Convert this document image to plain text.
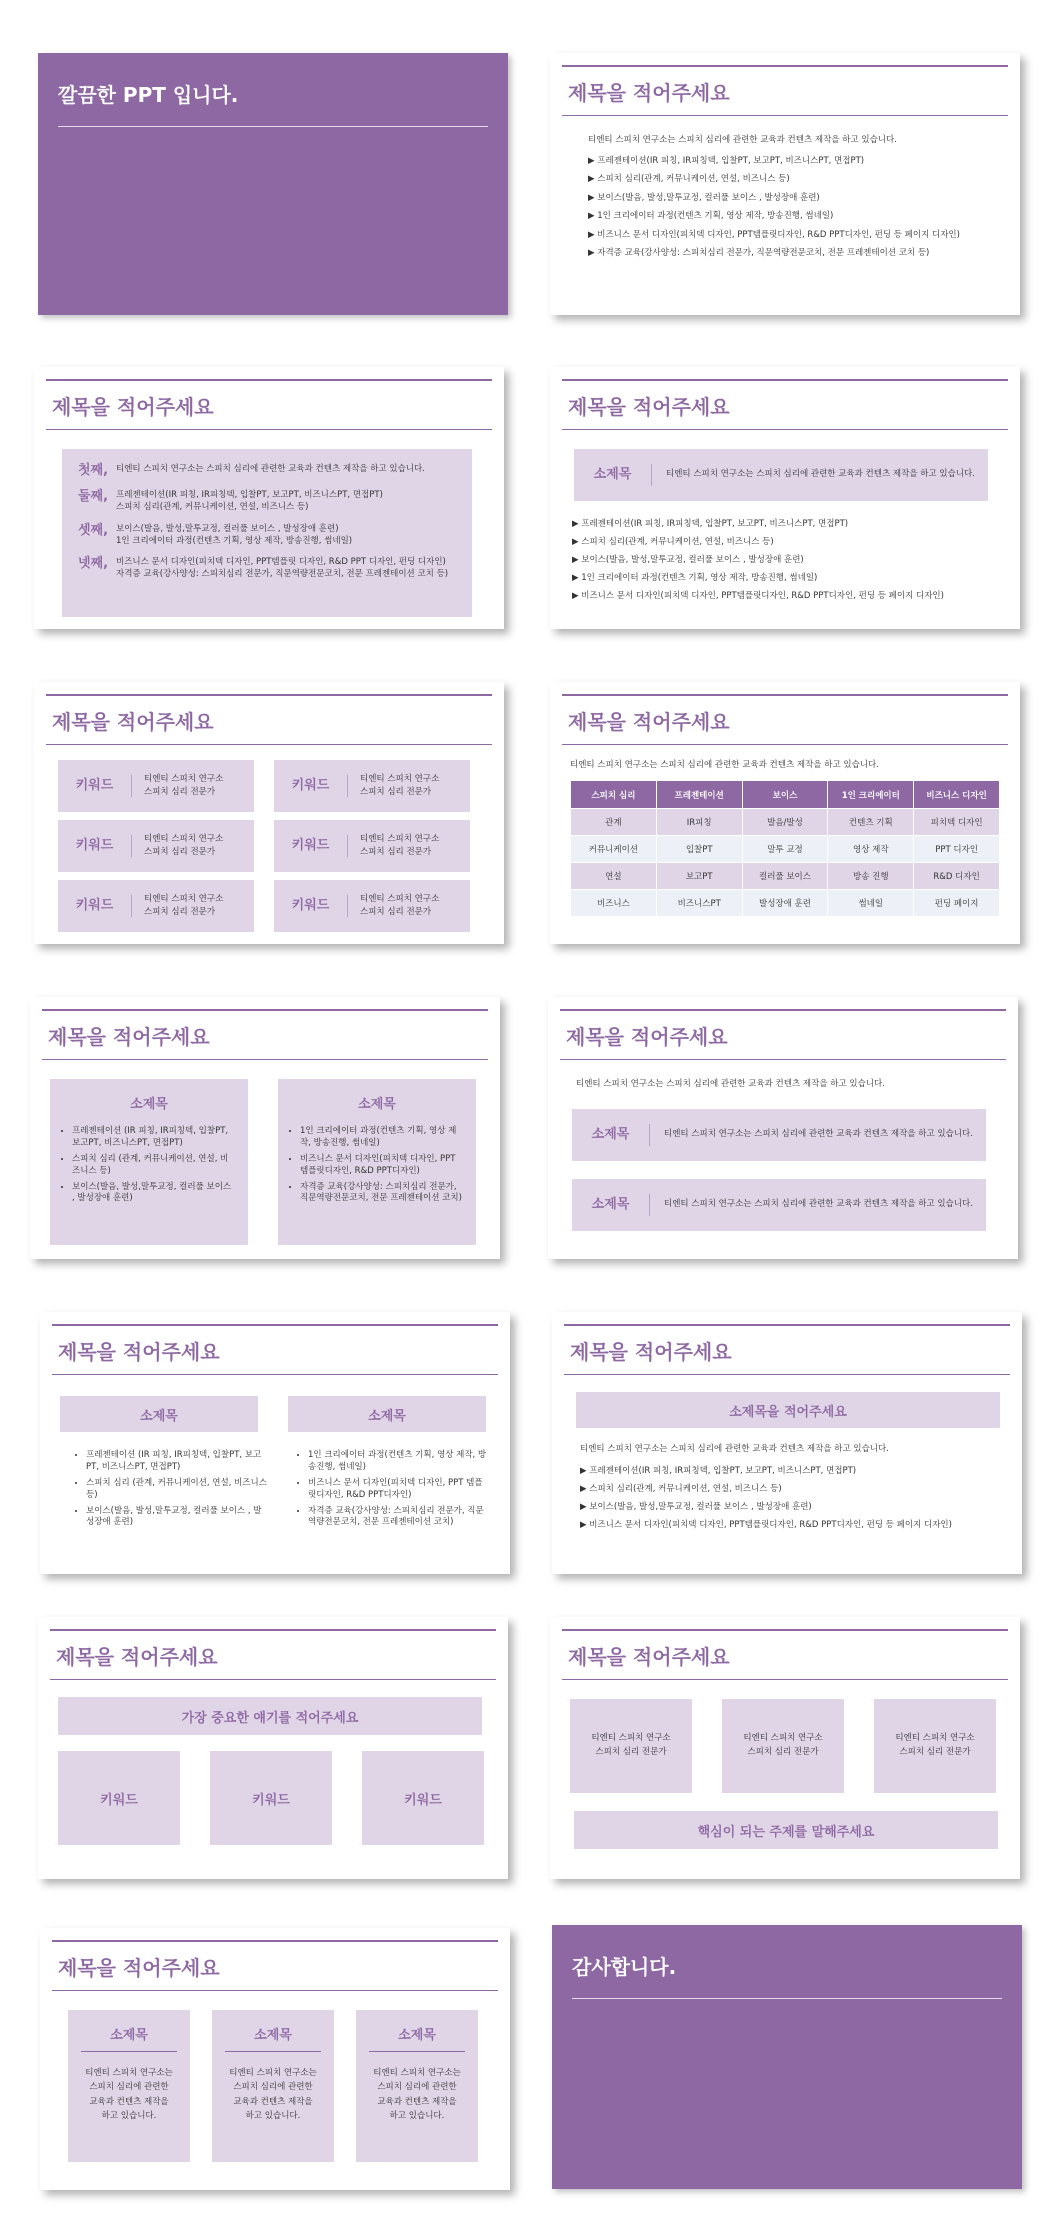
깔끔한 PPT 입니다.	제목을 적어주세요
티엔티 스피치 연구소는 스피치 심리에 관련한 교육과 컨텐츠 제작을 하고 있습니다.
▶ 프레젠테이션(IR 피칭, IR피칭덱, 입찰PT, 보고PT, 비즈니스PT, 면접PT)
▶ 스피치 심리(관계, 커뮤니케이션, 연설, 비즈니스 등)
▶ 보이스(발음, 발성,말투교정, 컬러풀 보이스 , 발성장애 훈련)
▶ 1인 크리에이터 과정(컨텐츠 기획, 영상 제작, 방송진행, 썸네일)
▶ 비즈니스 문서 디자인(피치덱 디자인, PPT템플릿디자인, R&D PPT디자인, 펀딩 등 페이지 디자인)
▶ 자격증 교육(강사양성: 스피치심리 전문가, 직문역량전문코치, 전문 프레젠테이션 코치 등)
제목을 적어주세요
첫째, 티엔티 스피치 연구소는 스피치 심리에 관련한 교육과 컨텐츠 제작을 하고 있습니다.
둘째, 프레젠테이션(IR 피칭, IR피칭덱, 입찰PT, 보고PT, 비즈니스PT, 면접PT)
스피치 심리(관계, 커뮤니케이션, 연설, 비즈니스 등)
셋째, 보이스(발음, 발성,말투교정, 컬러풀 보이스 , 발성장애 훈련)
1인 크리에이터 과정(컨텐츠 기획, 영상 제작, 방송진행, 썸네일)
넷째, 비즈니스 문서 디자인(피치덱 디자인, PPT템플릿 디자인, R&D PPT 디자인, 펀딩 디자인)
자격증 교육(강사양성: 스피치심리 전문가, 직문역량전문코치, 전문 프레젠테이션 코치 등)
제목을 적어주세요
소제목	티엔티 스피치 연구소는 스피치 심리에 관련한 교육과 컨텐츠 제작을 하고 있습니다.
▶ 프레젠테이션(IR 피칭, IR피칭덱, 입찰PT, 보고PT, 비즈니스PT, 면접PT)
▶ 스피치 심리(관계, 커뮤니케이션, 연설, 비즈니스 등)
▶ 보이스(발음, 발성,말투교정, 컬러풀 보이스 , 발성장애 훈련)
▶ 1인 크리에이터 과정(컨텐츠 기획, 영상 제작, 방송진행, 썸네일)
▶ 비즈니스 문서 디자인(피치덱 디자인, PPT템플릿디자인, R&D PPT디자인, 펀딩 등 페이지 디자인)
제목을 적어주세요
키워드	티엔티 스피치 연구소
스피치 심리 전문가	키워드	티엔티 스피치 연구소
스피치 심리 전문가
키워드	티엔티 스피치 연구소
스피치 심리 전문가	키워드	티엔티 스피치 연구소
스피치 심리 전문가
키워드	티엔티 스피치 연구소
스피치 심리 전문가	키워드	티엔티 스피치 연구소
스피치 심리 전문가
제목을 적어주세요
티엔티 스피치 연구소는 스피치 심리에 관련한 교육과 컨텐츠 제작을 하고 있습니다.
스피치 심리	프레젠테이션	보이스	1인 크리에이터	비즈니스 디자인
관계	IR피칭	발음/발성	컨텐츠 기획	피치덱 디자인
커뮤니케이션	입찰PT	말투 교정	영상 제작	PPT 디자인
연설	보고PT	컬러풀 보이스	방송 진행	R&D 디자인
비즈니스	비즈니스PT	발성장애 훈련	썸네일	펀딩 페이지
제목을 적어주세요
소제목
• 프레젠테이션 (IR 피칭, IR피칭덱, 입찰PT, 보고PT, 비즈니스PT, 면접PT)
• 스피치 심리 (관계, 커뮤니케이션, 연설, 비즈니스 등)
• 보이스(발음, 발성,말투교정, 컬러풀 보이스 , 발성장애 훈련)
소제목
• 1인 크리에이터 과정(컨텐츠 기획, 영상 제작, 방송진행, 썸네일)
• 비즈니스 문서 디자인(피치덱 디자인, PPT 템플릿디자인, R&D PPT디자인)
• 자격증 교육(강사양성: 스피치심리 전문가, 직문역량전문코치, 전문 프레젠테이션 코치)
제목을 적어주세요
티엔티 스피치 연구소는 스피치 심리에 관련한 교육과 컨텐츠 제작을 하고 있습니다.
소제목	티엔티 스피치 연구소는 스피치 심리에 관련한 교육과 컨텐츠 제작을 하고 있습니다.
소제목	티엔티 스피치 연구소는 스피치 심리에 관련한 교육과 컨텐츠 제작을 하고 있습니다.
제목을 적어주세요
소제목	소제목
• 프레젠테이션 (IR 피칭, IR피칭덱, 입찰PT, 보고PT, 비즈니스PT, 면접PT)
• 스피치 심리 (관계, 커뮤니케이션, 연설, 비즈니스 등)
• 보이스(발음, 발성,말투교정, 컬러풀 보이스 , 발성장애 훈련)
• 1인 크리에이터 과정(컨텐츠 기획, 영상 제작, 방송진행, 썸네일)
• 비즈니스 문서 디자인(피치덱 디자인, PPT 템플릿디자인, R&D PPT디자인)
• 자격증 교육(강사양성: 스피치심리 전문가, 직문역량전문코치, 전문 프레젠테이션 코치)
제목을 적어주세요
소제목을 적어주세요
티엔티 스피치 연구소는 스피치 심리에 관련한 교육과 컨텐츠 제작을 하고 있습니다.
▶ 프레젠테이션(IR 피칭, IR피칭덱, 입찰PT, 보고PT, 비즈니스PT, 면접PT)
▶ 스피치 심리(관계, 커뮤니케이션, 연설, 비즈니스 등)
▶ 보이스(발음, 발성,말투교정, 컬러풀 보이스 , 발성장애 훈련)
▶ 비즈니스 문서 디자인(피치덱 디자인, PPT템플릿디자인, R&D PPT디자인, 펀딩 등 페이지 디자인)
제목을 적어주세요
가장 중요한 얘기를 적어주세요
키워드	키워드	키워드
제목을 적어주세요
티엔티 스피치 연구소
스피치 심리 전문가
티엔티 스피치 연구소
스피치 심리 전문가
티엔티 스피치 연구소
스피치 심리 전문가
핵심이 되는 주제를 말해주세요
제목을 적어주세요
소제목
티엔티 스피치 연구소는
스피치 심리에 관련한
교육과 컨텐츠 제작을
하고 있습니다.
소제목
티엔티 스피치 연구소는
스피치 심리에 관련한
교육과 컨텐츠 제작을
하고 있습니다.
소제목
티엔티 스피치 연구소는
스피치 심리에 관련한
교육과 컨텐츠 제작을
하고 있습니다.
감사합니다.
